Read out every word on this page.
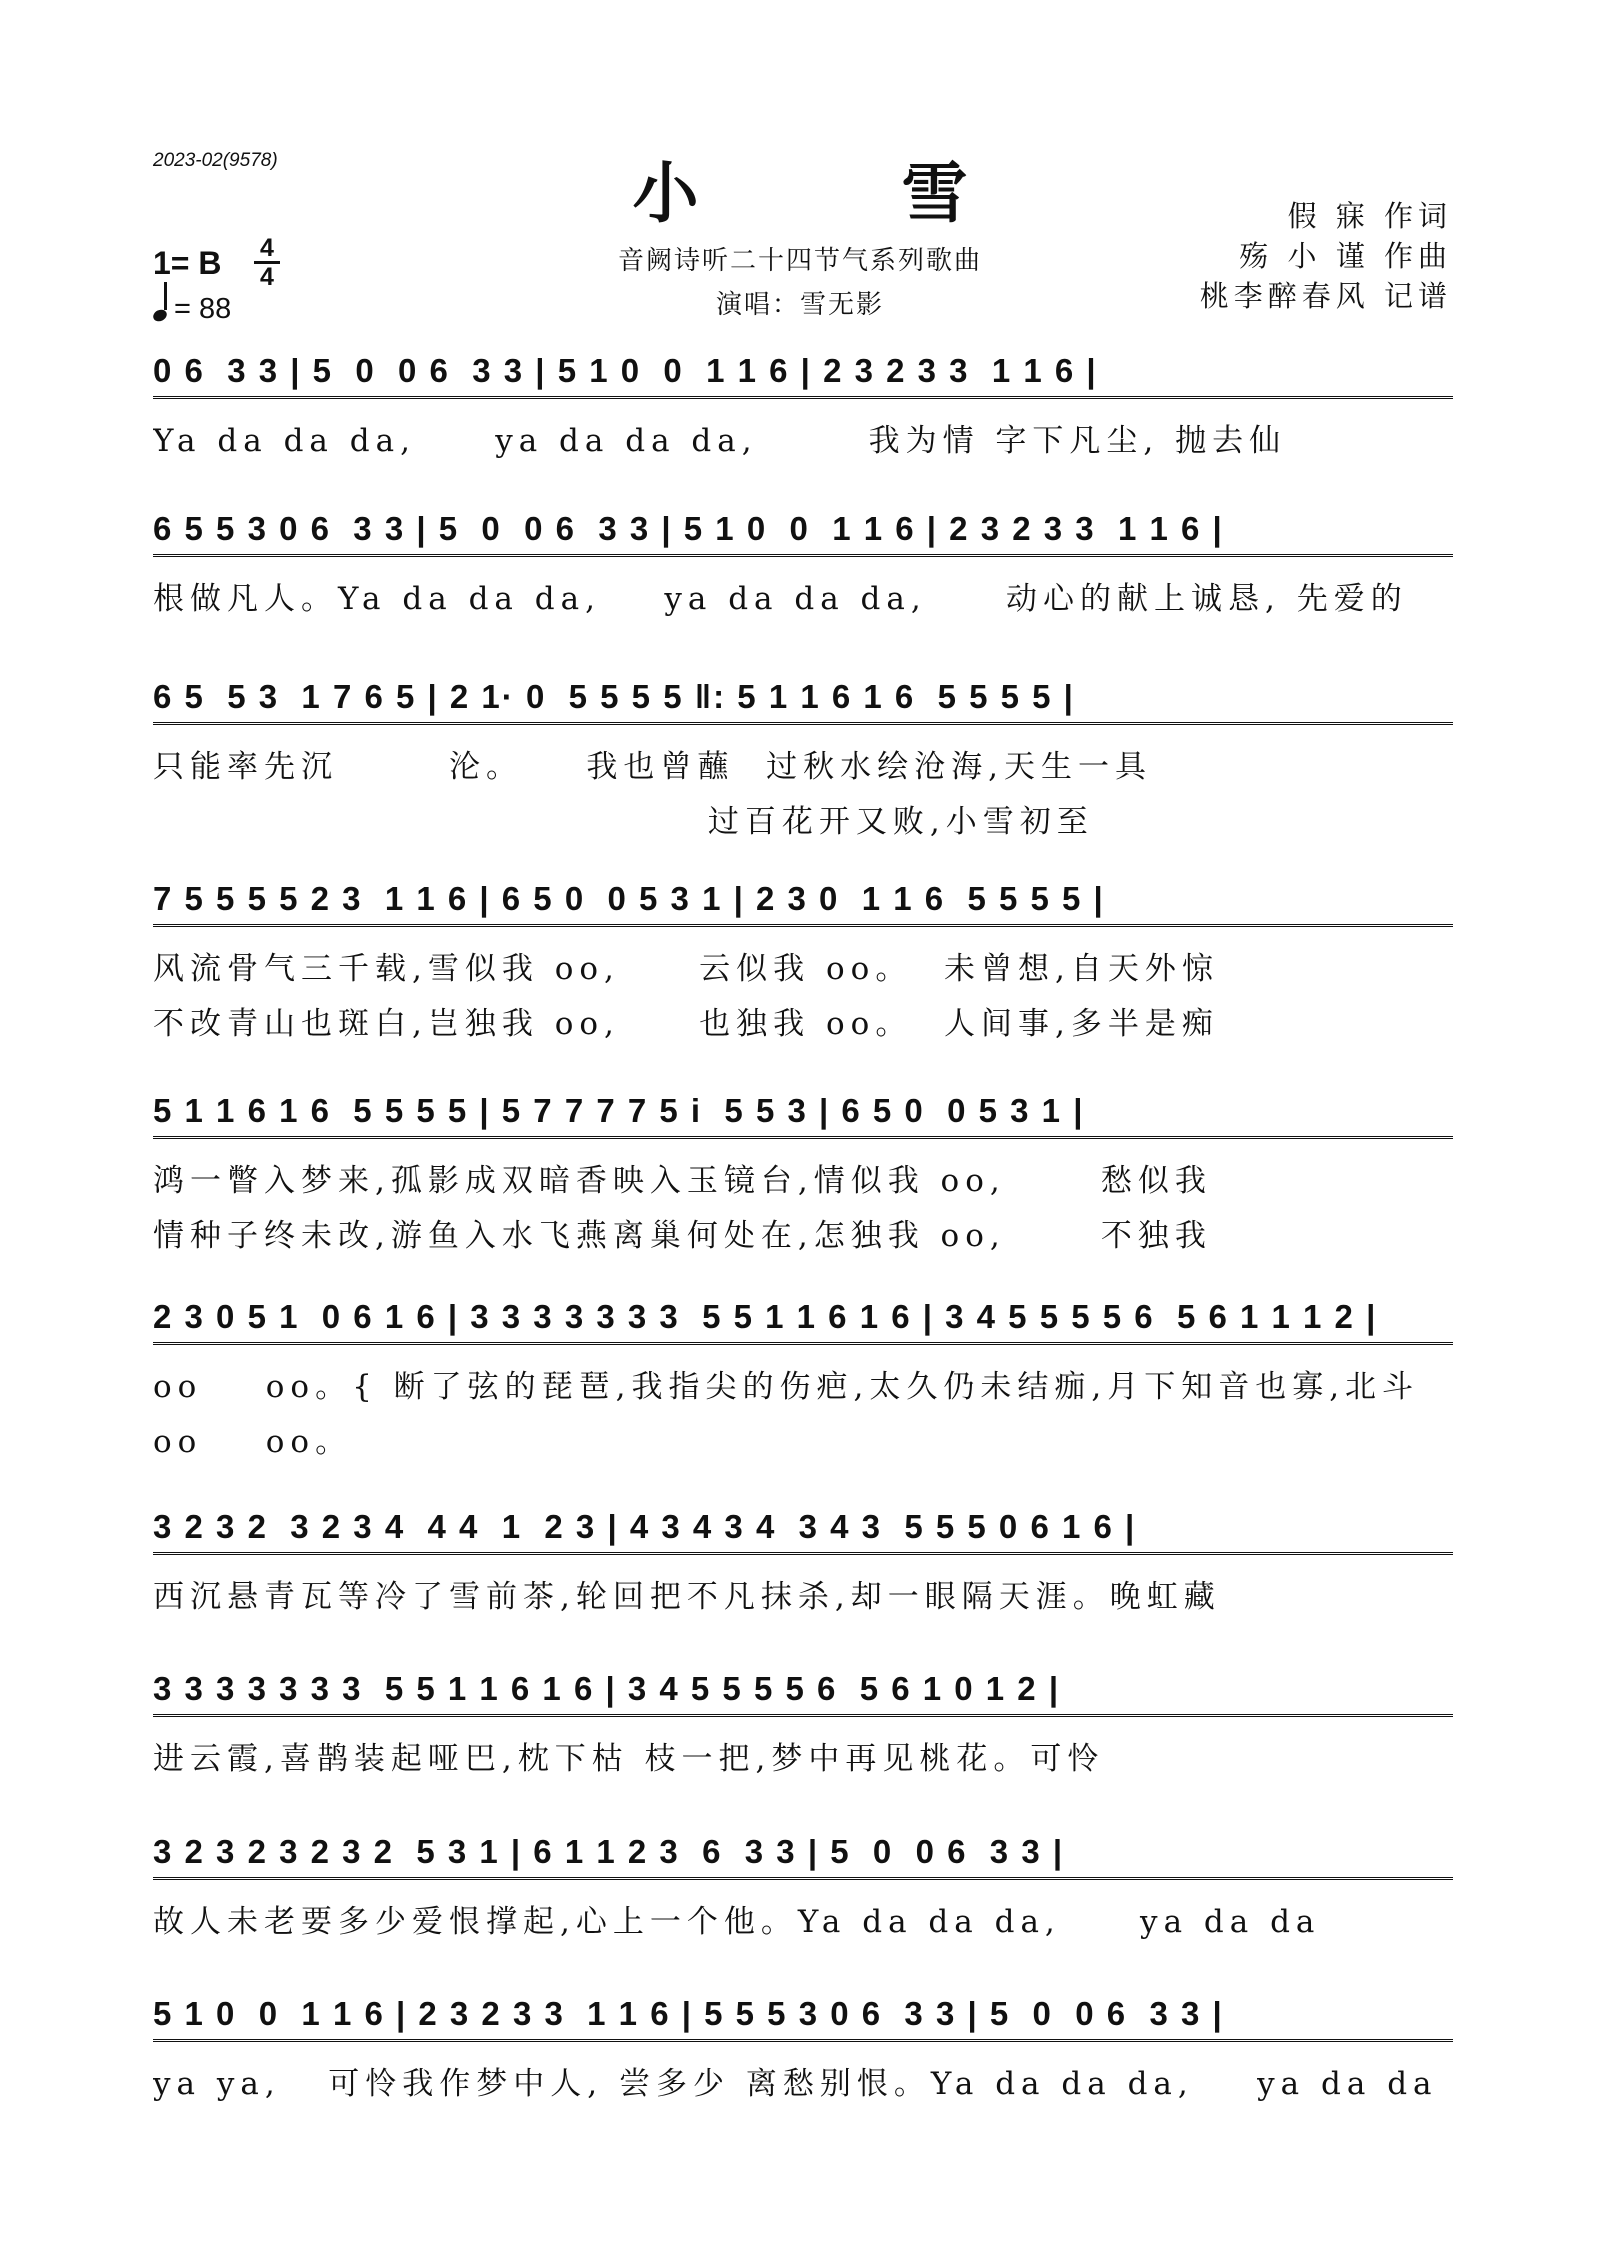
2023-02(9578)	小 雪
音阙诗听二十四节气系列歌曲
演唱：雪无影
假 寐 作词
殇 小 谨 作曲
桃李醉春风 记谱
1= B	4
4
= 88
0 6  3 3 | 5  0  0 6  3 3 | 5 1 0  0  1 1 6 | 2 3 2 3 3  1 1 6 |
Ya da da da,     ya da da da,       我为情 字下凡尘, 抛去仙
6 5 5 3 0 6  3 3 | 5  0  0 6  3 3 | 5 1 0  0  1 1 6 | 2 3 2 3 3  1 1 6 |
根做凡人。Ya da da da,    ya da da da,     动心的献上诚恳, 先爱的
6 5  5 3  1 7 6 5 | 2 1· 0  5 5 5 5 ‖: 5 1 1 6 1 6  5 5 5 5 |
只能率先沉       沦。    我也曾蘸  过秋水绘沧海,天生一具
过百花开又败,小雪初至
7 5 5 5 5 2 3  1 1 6 | 6 5 0  0 5 3 1 | 2 3 0  1 1 6  5 5 5 5 |
风流骨气三千载,雪似我 oo,     云似我 oo。  未曾想,自天外惊
不改青山也斑白,岂独我 oo,     也独我 oo。  人间事,多半是痴
5 1 1 6 1 6  5 5 5 5 | 5 7 7 7 7 5 i  5 5 3 | 6 5 0  0 5 3 1 |
鸿一瞥入梦来,孤影成双暗香映入玉镜台,情似我 oo,      愁似我
情种子终未改,游鱼入水飞燕离巢何处在,怎独我 oo,      不独我
2 3 0 5 1  0 6 1 6 | 3 3 3 3 3 3 3  5 5 1 1 6 1 6 | 3 4 5 5 5 5 6  5 6 1 1 1 2 |
oo    oo。{ 断了弦的琵琶,我指尖的伤疤,太久仍未结痂,月下知音也寡,北斗
oo    oo。
3 2 3 2  3 2 3 4  4 4  1  2 3 | 4 3 4 3 4  3 4 3  5 5 5 0 6 1 6 |
西沉悬青瓦等冷了雪前茶,轮回把不凡抹杀,却一眼隔天涯。晚虹藏
3 3 3 3 3 3 3  5 5 1 1 6 1 6 | 3 4 5 5 5 5 6  5 6 1 0 1 2 |
进云霞,喜鹊装起哑巴,枕下枯 枝一把,梦中再见桃花。可怜
3 2 3 2 3 2 3 2  5 3 1 | 6 1 1 2 3  6  3 3 | 5  0  0 6  3 3 |
故人未老要多少爱恨撑起,心上一个他。Ya da da da,     ya da da
5 1 0  0  1 1 6 | 2 3 2 3 3  1 1 6 | 5 5 5 3 0 6  3 3 | 5  0  0 6  3 3 |
ya ya,   可怜我作梦中人, 尝多少 离愁别恨。Ya da da da,    ya da da
